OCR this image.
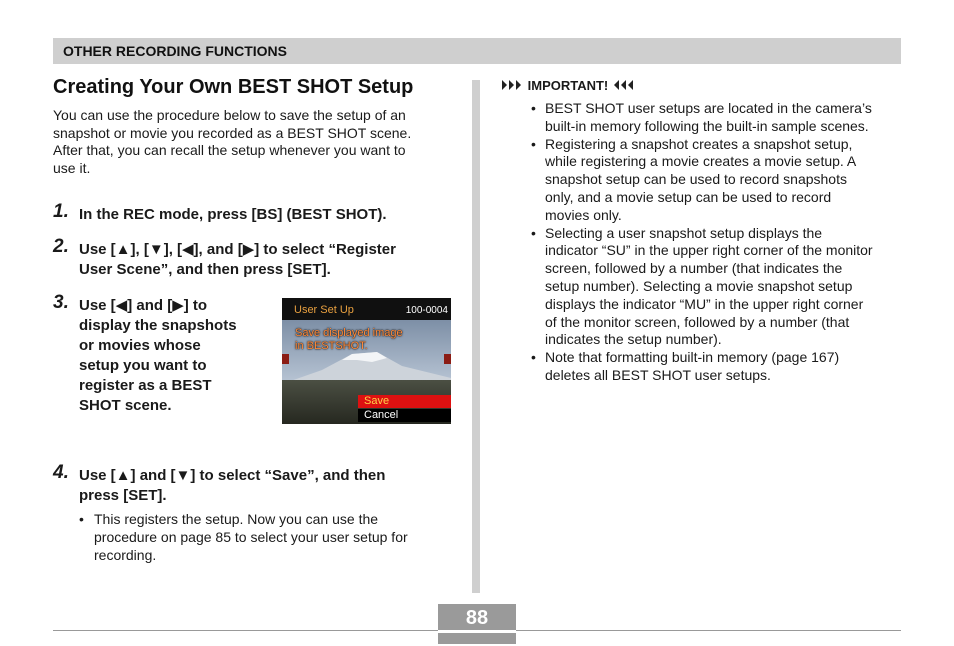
OTHER RECORDING FUNCTIONS
Creating Your Own BEST SHOT Setup

You can use the procedure below to save the setup of an
snapshot or movie you recorded as a BEST SHOT scene.
After that, you can recall the setup whenever you want to
use it.

1. In the REC mode, press [BS] (BEST SHOT).
2. Use [▲], [▼], [◀], and [▶] to select “Register
User Scene”, and then press [SET].
3. Use [◀] and [▶] to
display the snapshots
or movies whose
setup you want to
register as a BEST
SHOT scene.
User Set Up	100-0004
Save displayed image
in BESTSHOT.
Save
Cancel
4. Use [▲] and [▼] to select “Save”, and then
press [SET].
• This registers the setup. Now you can use the
procedure on page 85 to select your user setup for
recording.
IMPORTANT!
• BEST SHOT user setups are located in the camera’s
built-in memory following the built-in sample scenes.
• Registering a snapshot creates a snapshot setup,
while registering a movie creates a movie setup. A
snapshot setup can be used to record snapshots
only, and a movie setup can be used to record
movies only.
• Selecting a user snapshot setup displays the
indicator “SU” in the upper right corner of the monitor
screen, followed by a number (that indicates the
setup number). Selecting a movie snapshot setup
displays the indicator “MU” in the upper right corner
of the monitor screen, followed by a number (that
indicates the setup number).
• Note that formatting built-in memory (page 167)
deletes all BEST SHOT user setups.
88
